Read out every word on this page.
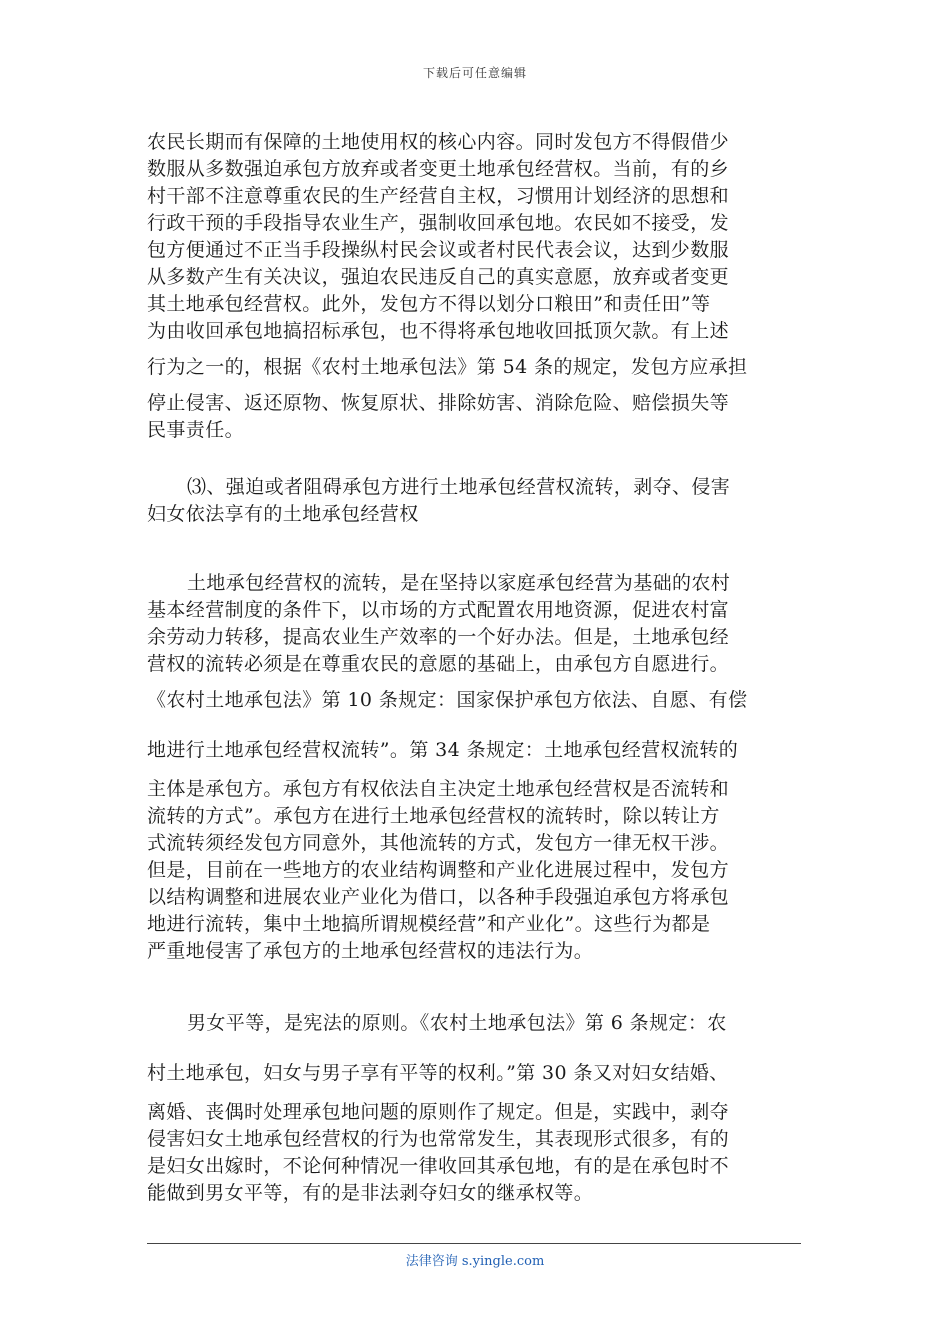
下载后可任意编辑
农民长期而有保障的土地使用权的核心内容。同时发包方不得假借少
数服从多数强迫承包方放弃或者变更土地承包经营权。当前，有的乡
村干部不注意尊重农民的生产经营自主权，习惯用计划经济的思想和
行政干预的手段指导农业生产，强制收回承包地。农民如不接受，发
包方便通过不正当手段操纵村民会议或者村民代表会议，达到少数服
从多数产生有关决议，强迫农民违反自己的真实意愿，放弃或者变更
其土地承包经营权。此外，发包方不得以划分口粮田”和责任田”等
为由收回承包地搞招标承包，也不得将承包地收回抵顶欠款。有上述
行为之一的，根据《农村土地承包法》第 54 条的规定，发包方应承担
停止侵害、返还原物、恢复原状、排除妨害、消除危险、赔偿损失等
民事责任。
⑶、强迫或者阻碍承包方进行土地承包经营权流转，剥夺、侵害
妇女依法享有的土地承包经营权
土地承包经营权的流转，是在坚持以家庭承包经营为基础的农村
基本经营制度的条件下，以市场的方式配置农用地资源，促进农村富
余劳动力转移，提高农业生产效率的一个好办法。但是，土地承包经
营权的流转必须是在尊重农民的意愿的基础上，由承包方自愿进行。
《农村土地承包法》第 10 条规定：国家保护承包方依法、自愿、有偿
地进行土地承包经营权流转”。第 34 条规定：土地承包经营权流转的
主体是承包方。承包方有权依法自主决定土地承包经营权是否流转和
流转的方式”。承包方在进行土地承包经营权的流转时，除以转让方
式流转须经发包方同意外，其他流转的方式，发包方一律无权干涉。
但是，目前在一些地方的农业结构调整和产业化进展过程中，发包方
以结构调整和进展农业产业化为借口，以各种手段强迫承包方将承包
地进行流转，集中土地搞所谓规模经营”和产业化”。这些行为都是
严重地侵害了承包方的土地承包经营权的违法行为。
男女平等，是宪法的原则。《农村土地承包法》第 6 条规定：农
村土地承包，妇女与男子享有平等的权利。”第 30 条又对妇女结婚、
离婚、丧偶时处理承包地问题的原则作了规定。但是，实践中，剥夺
侵害妇女土地承包经营权的行为也常常发生，其表现形式很多，有的
是妇女出嫁时，不论何种情况一律收回其承包地，有的是在承包时不
能做到男女平等，有的是非法剥夺妇女的继承权等。
法律咨询 s.yingle.com
